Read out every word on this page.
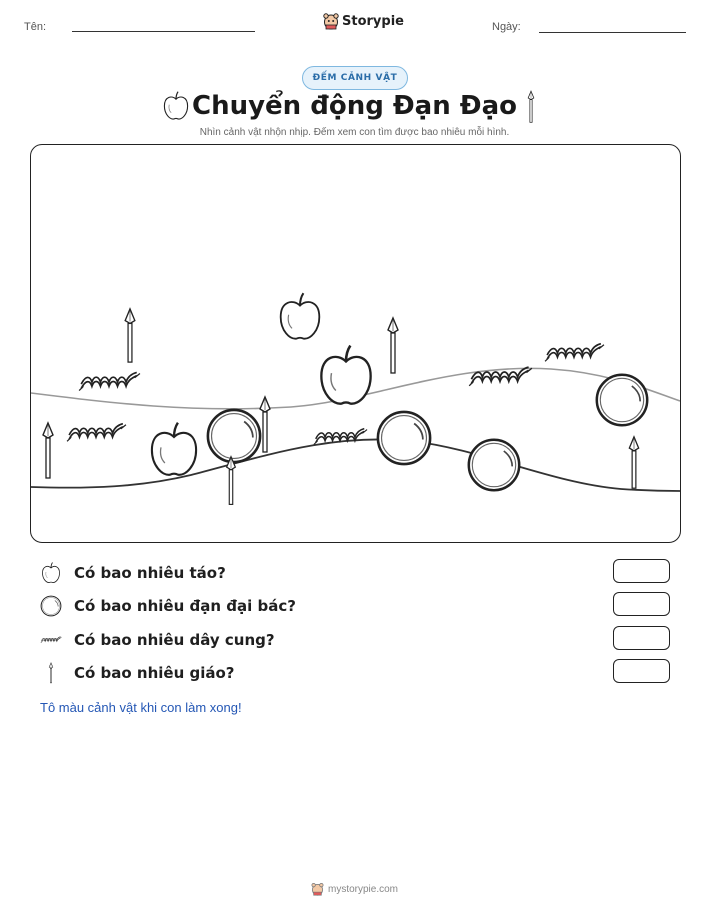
Tên:	Storypie	Ngày:
ĐẾM CẢNH VẬT
Chuyển động Đạn Đạo
Nhìn cảnh vật nhộn nhịp. Đếm xem con tìm được bao nhiêu mỗi hình.
Có bao nhiêu táo?
Có bao nhiêu đạn đại bác?
Có bao nhiêu dây cung?
Có bao nhiêu giáo?
Tô màu cảnh vật khi con làm xong!
mystorypie.com
